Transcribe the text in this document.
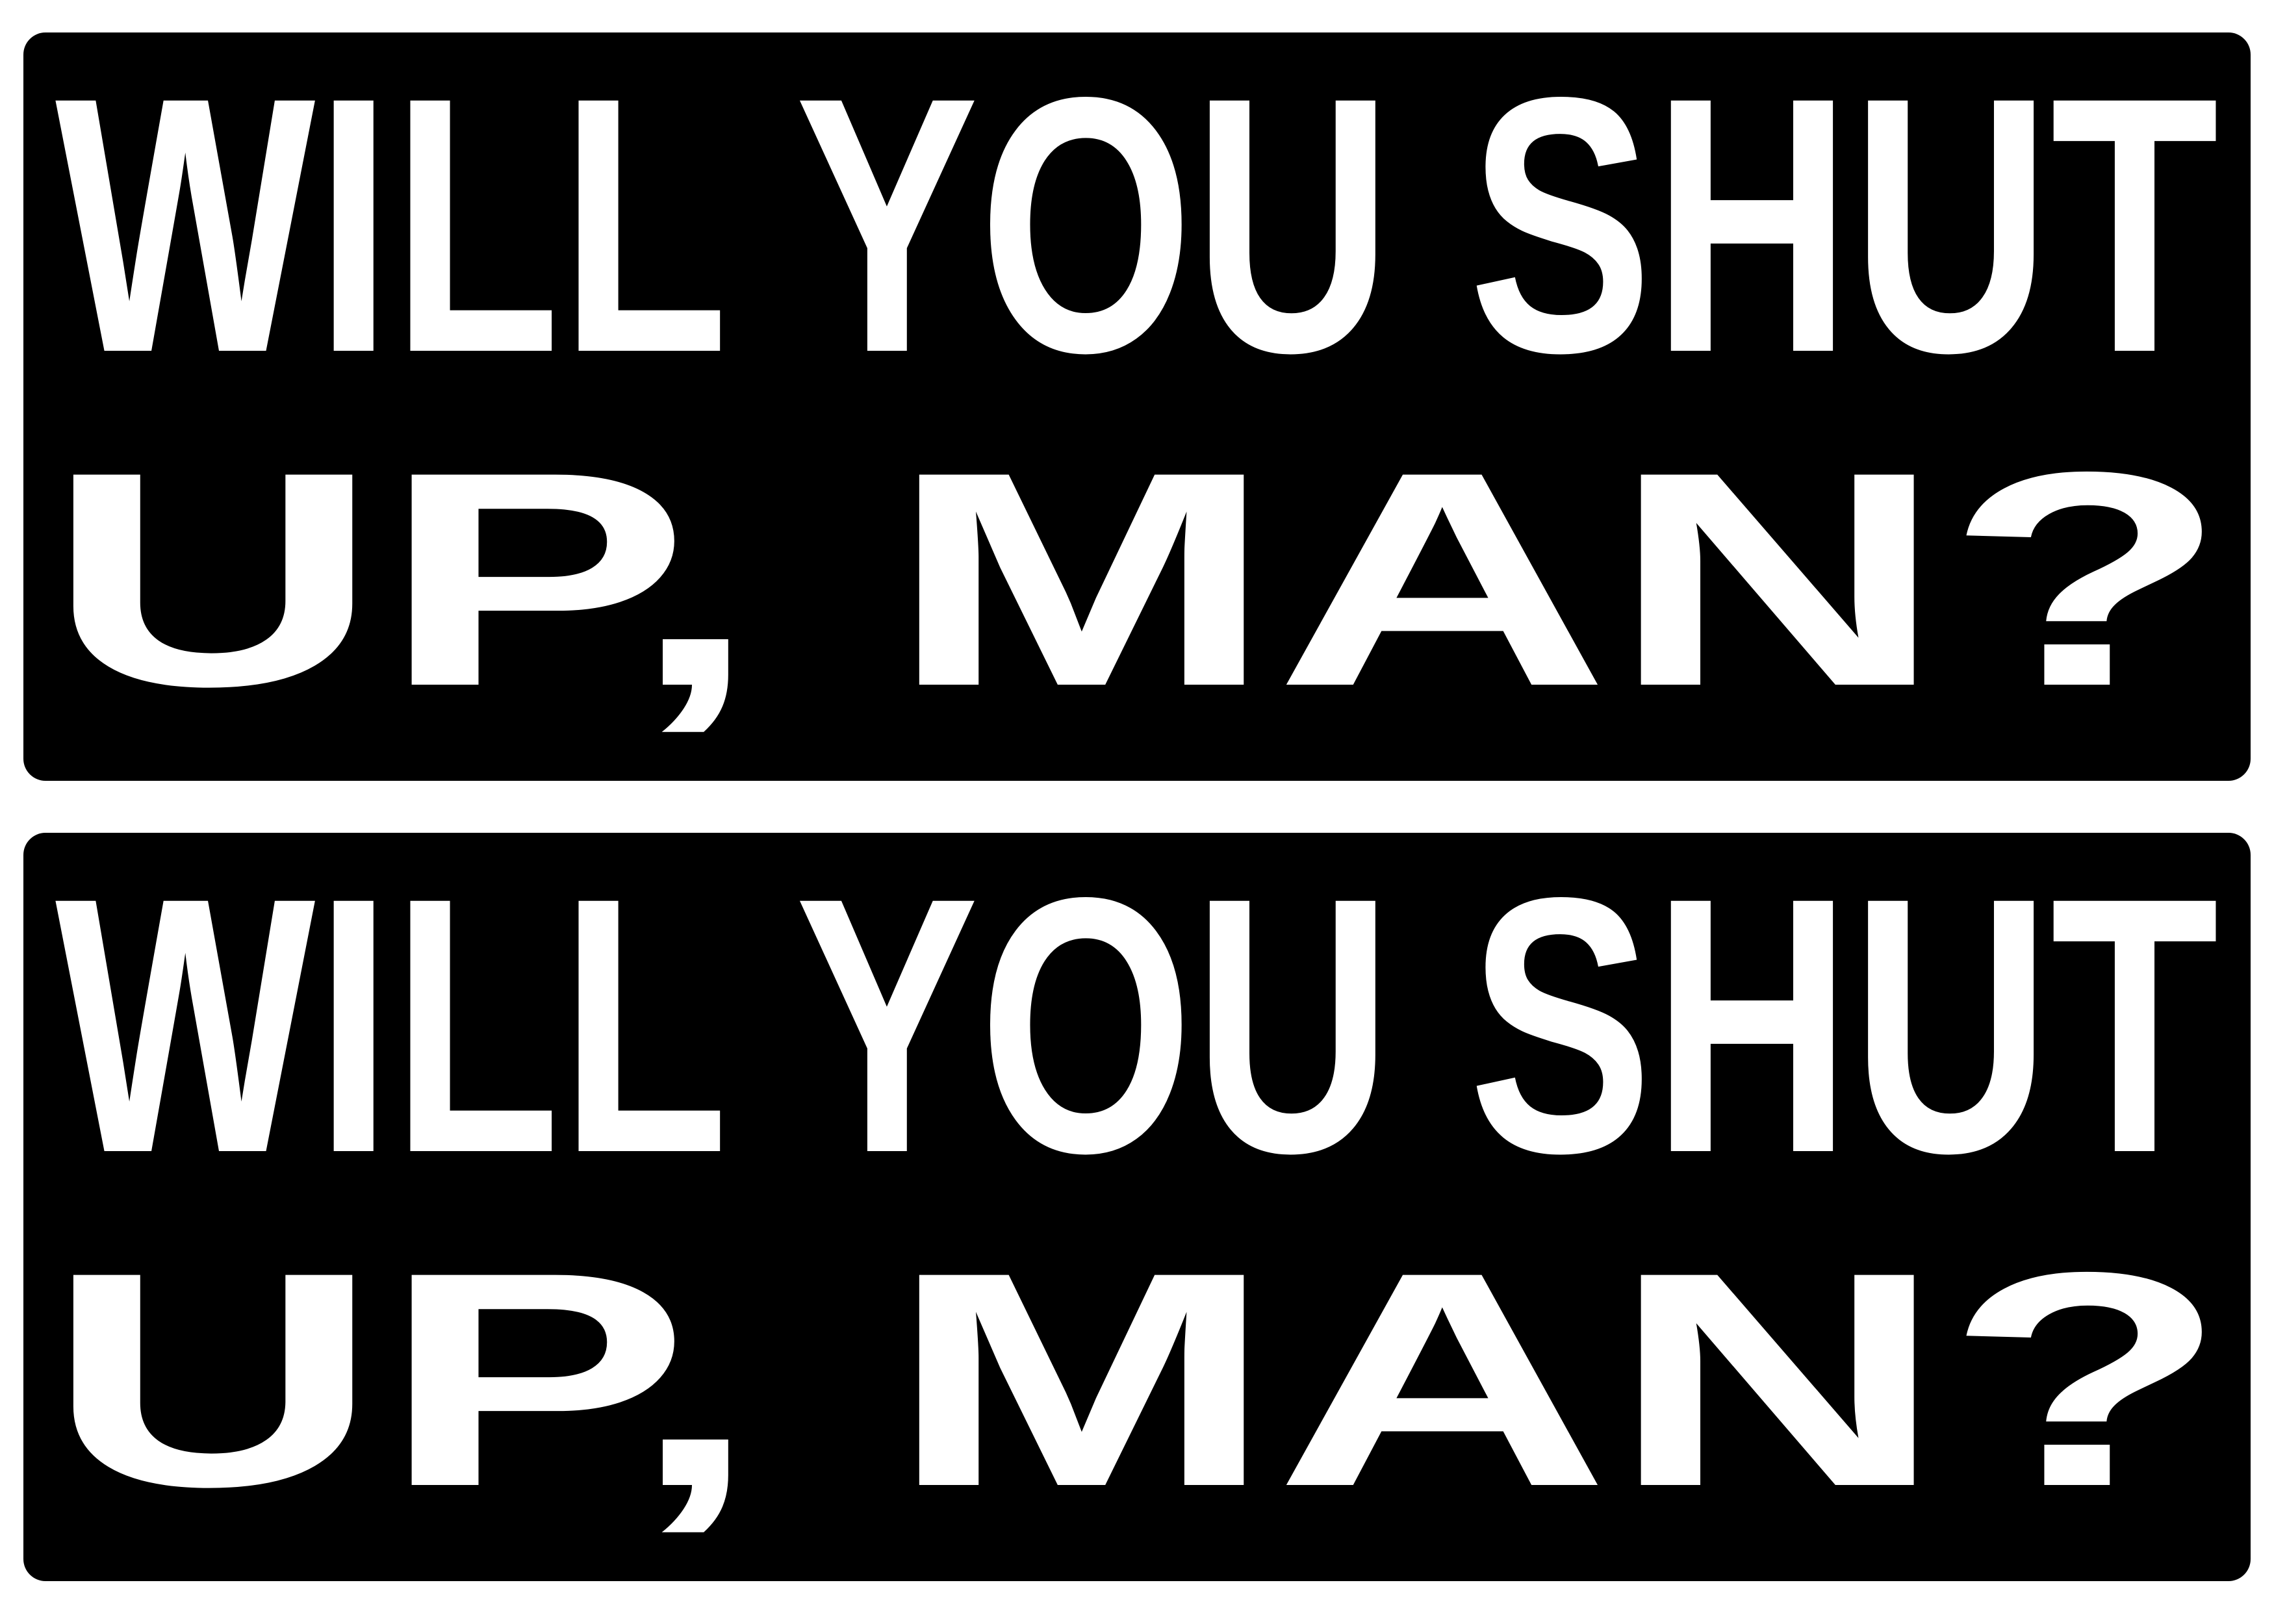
WILL YOU SHUT
UP, MAN?
WILL YOU SHUT
UP, MAN?
